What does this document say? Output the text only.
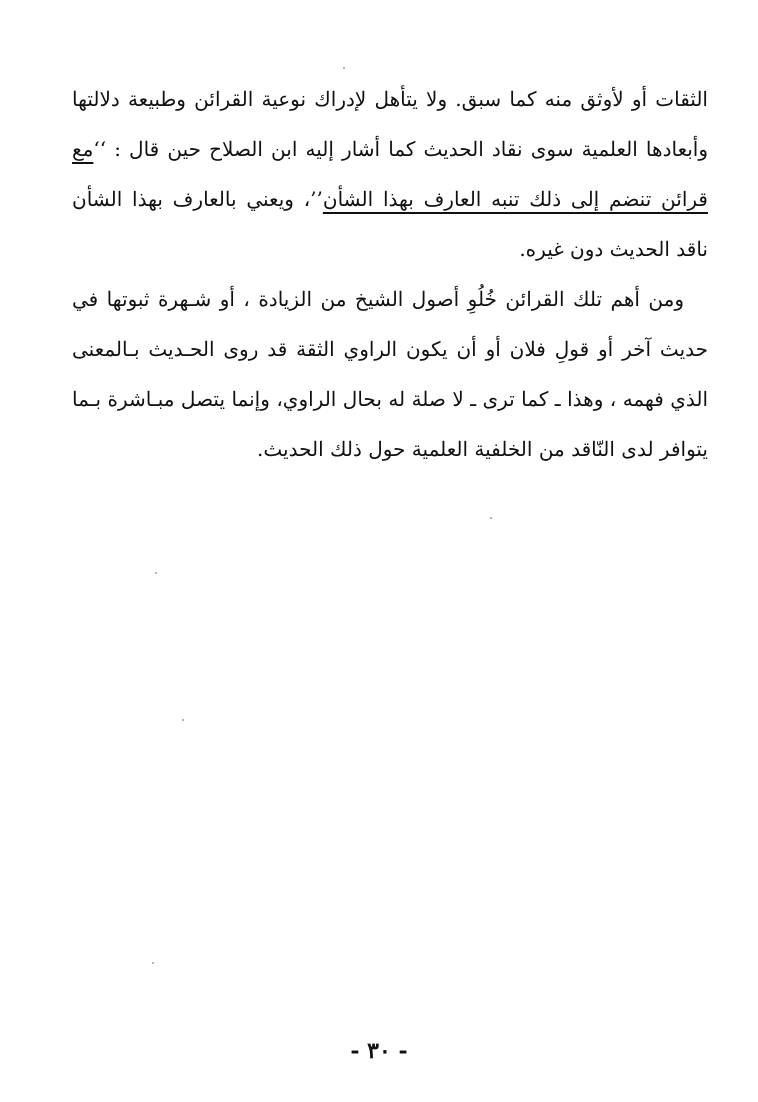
الثقات أو لأوثق منه كما سبق. ولا يتأهل لإدراك نوعية القرائن وطبيعة دلالتها وأبعادها العلمية سوى نقاد الحديث كما أشار إليه ابن الصلاح حين قال : ‘‘مع قرائن تنضم إلى ذلك تنبه العارف بهذا الشأن’’، ويعني بالعارف بهذا الشأن ناقد الحديث دون غيره.

ومن أهم تلك القرائن خُلُوِ أصول الشيخ من الزيادة ، أو شـهرة ثبوتها في حديث آخر أو قولِ فلان أو أن يكون الراوي الثقة قد روى الحـديث بـالمعنى الذي فهمه ، وهذا ـ كما ترى ـ لا صلة له بحال الراوي، وإنما يتصل مبـاشرة بـما يتوافر لدى النّاقد من الخلفية العلمية حول ذلك الحديث.

- ٣٠ -
